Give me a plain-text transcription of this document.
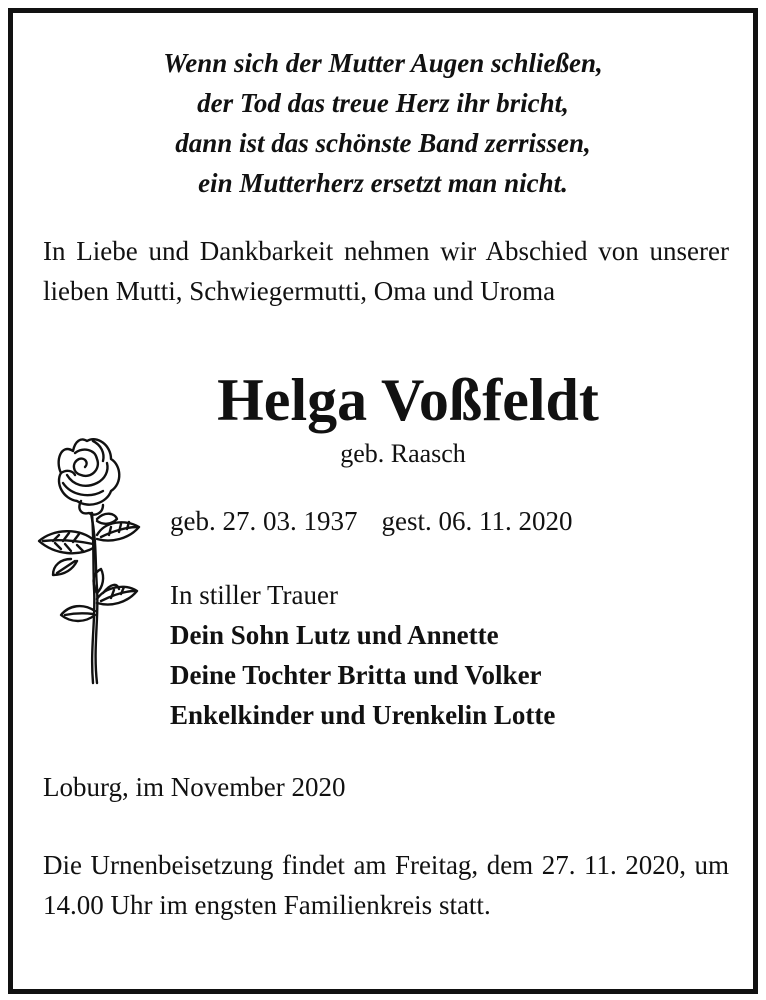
Wenn sich der Mutter Augen schließen,
der Tod das treue Herz ihr bricht,
dann ist das schönste Band zerrissen,
ein Mutterherz ersetzt man nicht.
In Liebe und Dankbarkeit nehmen wir Abschied von unserer lieben Mutti, Schwiegermutti, Oma und Uroma
Helga Voßfeldt
geb. Raasch
geb. 27. 03. 1937 gest. 06. 11. 2020
In stiller Trauer
Dein Sohn Lutz und Annette
Deine Tochter Britta und Volker
Enkelkinder und Urenkelin Lotte
Loburg, im November 2020
Die Urnenbeisetzung findet am Freitag, dem 27. 11. 2020, um 14.00 Uhr im engsten Familienkreis statt.
